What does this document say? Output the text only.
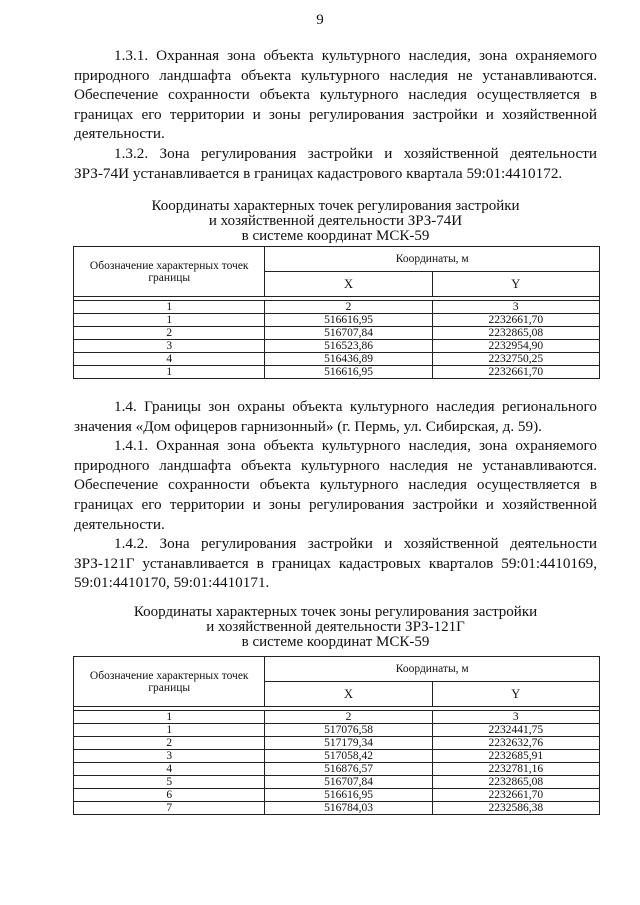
9

1.3.1. Охранная зона объекта культурного наследия, зона охраняемого природного ландшафта объекта культурного наследия не устанавливаются. Обеспечение сохранности объекта культурного наследия осуществляется в границах его территории и зоны регулирования застройки и хозяйственной деятельности.

1.3.2. Зона регулирования застройки и хозяйственной деятельности ЗРЗ-74И устанавливается в границах кадастрового квартала 59:01:4410172.

Координаты характерных точек регулирования застройки
и хозяйственной деятельности ЗРЗ-74И
в системе координат МСК-59
Обозначение характерных точек границы	Координаты, м	
	X	Y

1	2	3
1	516616,95	2232661,70
2	516707,84	2232865,08
3	516523,86	2232954,90
4	516436,89	2232750,25
1	516616,95	2232661,70

1.4. Границы зон охраны объекта культурного наследия регионального значения «Дом офицеров гарнизонный» (г. Пермь, ул. Сибирская, д. 59).

1.4.1. Охранная зона объекта культурного наследия, зона охраняемого природного ландшафта объекта культурного наследия не устанавливаются. Обеспечение сохранности объекта культурного наследия осуществляется в границах его территории и зоны регулирования застройки и хозяйственной деятельности.

1.4.2. Зона регулирования застройки и хозяйственной деятельности ЗРЗ-121Г устанавливается в границах кадастровых кварталов 59:01:4410169, 59:01:4410170, 59:01:4410171.

Координаты характерных точек зоны регулирования застройки
и хозяйственной деятельности ЗРЗ-121Г
в системе координат МСК-59
Обозначение характерных точек границы	Координаты, м	
	X	Y

1	2	3
1	517076,58	2232441,75
2	517179,34	2232632,76
3	517058,42	2232685,91
4	516876,57	2232781,16
5	516707,84	2232865,08
6	516616,95	2232661,70
7	516784,03	2232586,38
